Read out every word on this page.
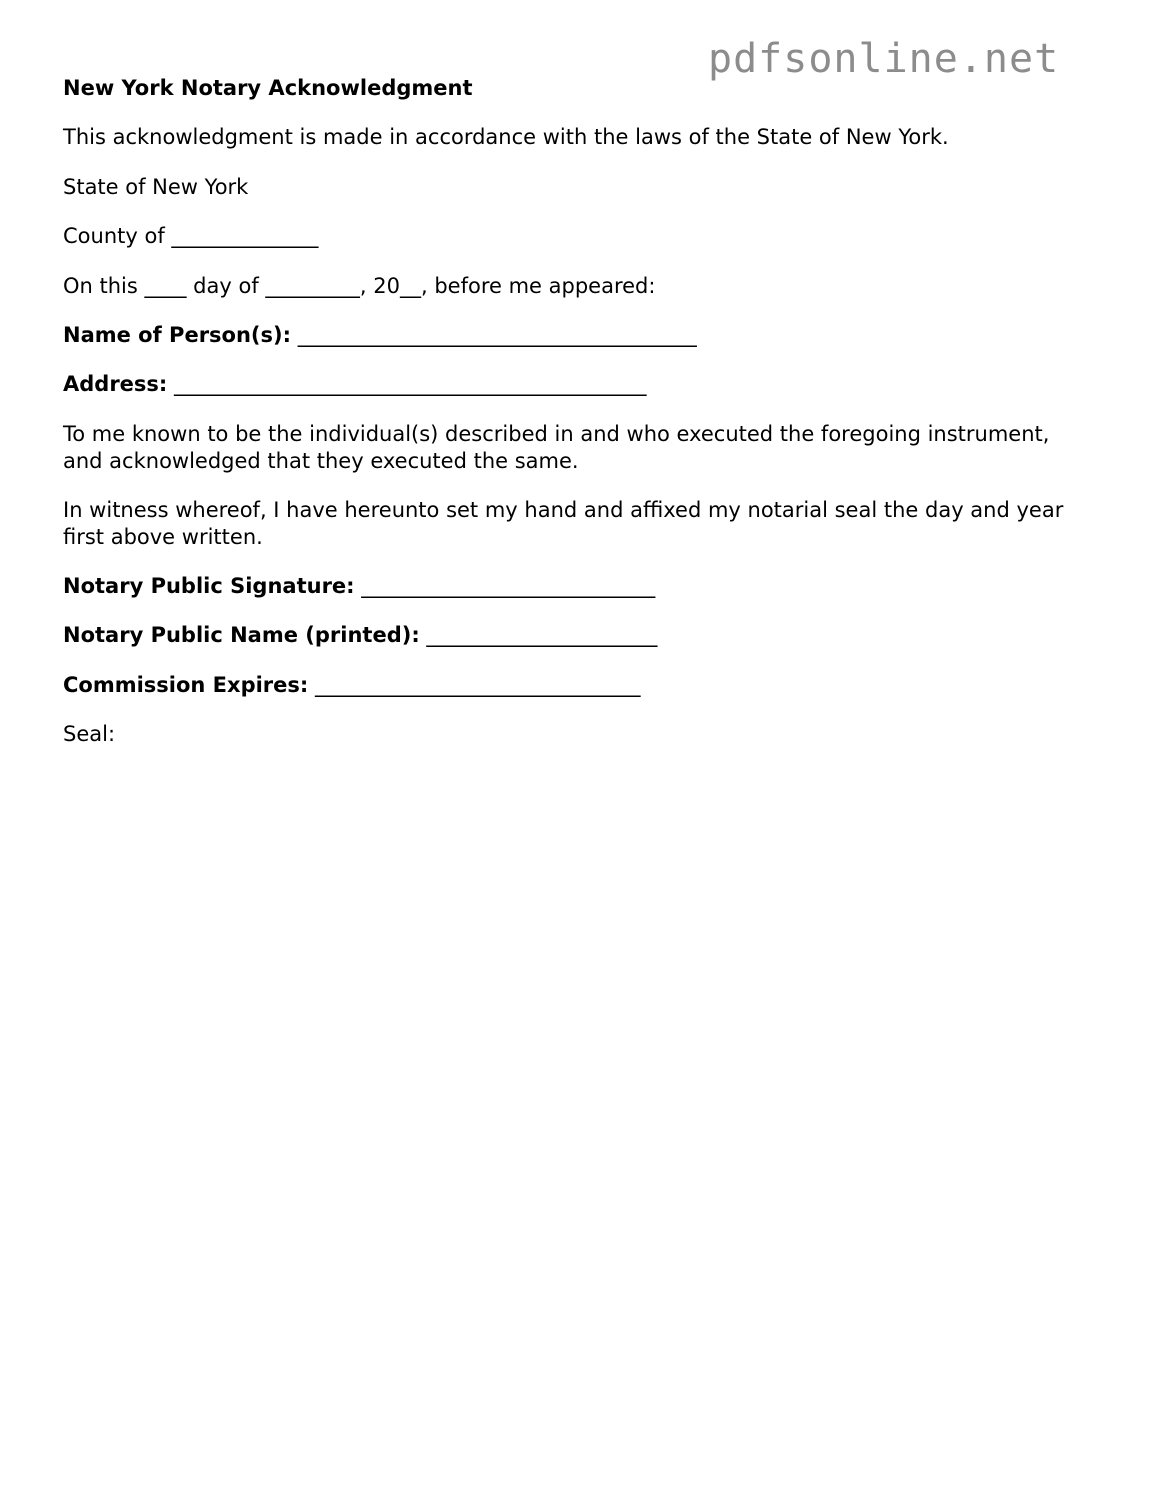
pdfsonline.net
New York Notary Acknowledgment
This acknowledgment is made in accordance with the laws of the State of New York.
State of New York
County of ______________
On this ____ day of _________, 20__, before me appeared:
Name of Person(s): ______________________________________
Address: _____________________________________________
To me known to be the individual(s) described in and who executed the foregoing instrument, and acknowledged that they executed the same.
In witness whereof, I have hereunto set my hand and affixed my notarial seal the day and year first above written.
Notary Public Signature: ____________________________
Notary Public Name (printed): ______________________
Commission Expires: _______________________________
Seal:
